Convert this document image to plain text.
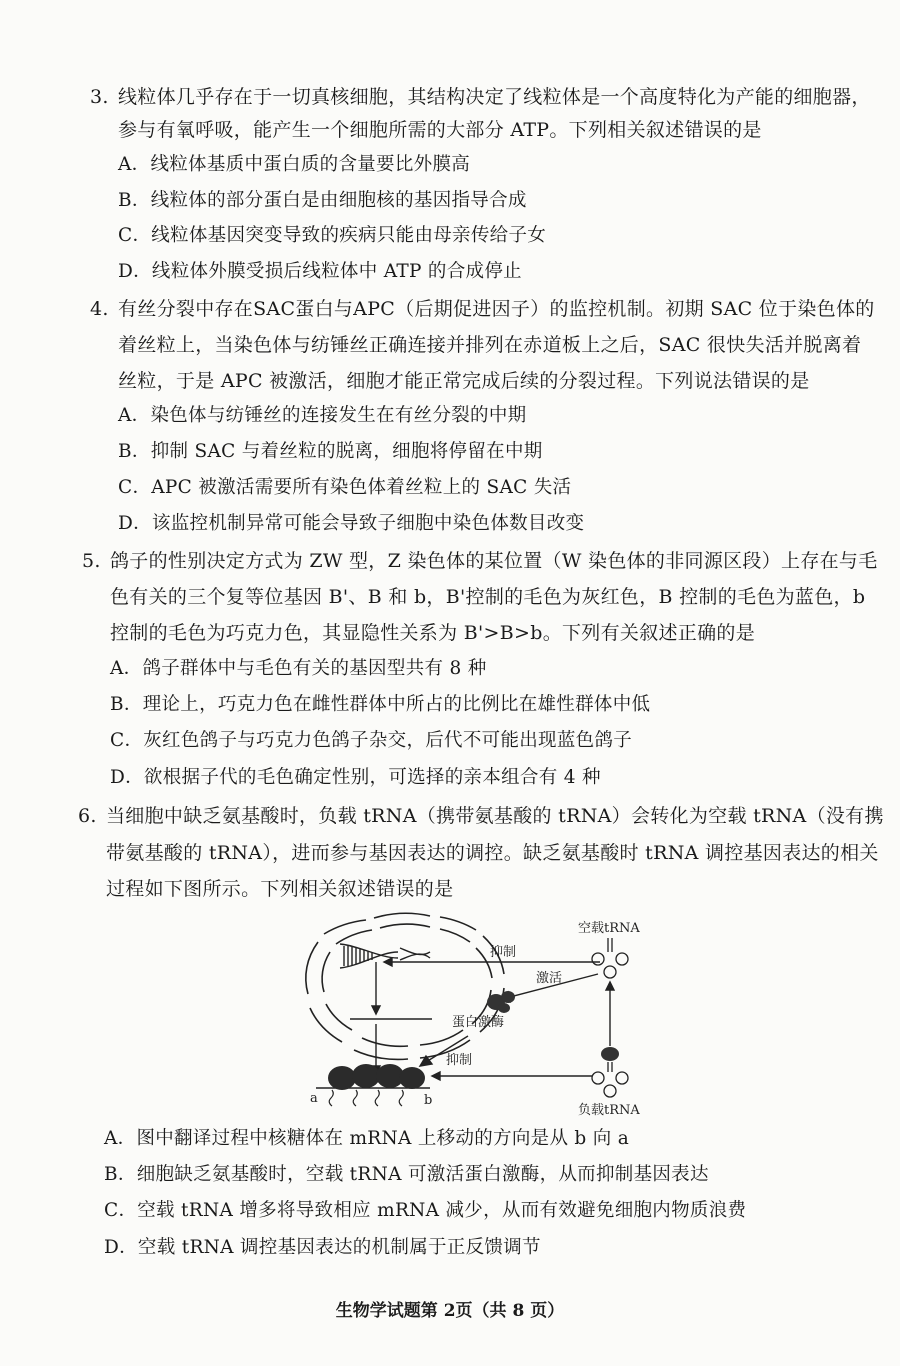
3. 线粒体几乎存在于一切真核细胞，其结构决定了线粒体是一个高度特化为产能的细胞器，
参与有氧呼吸，能产生一个细胞所需的大部分 ATP。下列相关叙述错误的是
A．线粒体基质中蛋白质的含量要比外膜高
B．线粒体的部分蛋白是由细胞核的基因指导合成
C．线粒体基因突变导致的疾病只能由母亲传给子女
D．线粒体外膜受损后线粒体中 ATP 的合成停止
4. 有丝分裂中存在SAC蛋白与APC（后期促进因子）的监控机制。初期 SAC 位于染色体的
着丝粒上，当染色体与纺锤丝正确连接并排列在赤道板上之后，SAC 很快失活并脱离着
丝粒，于是 APC 被激活，细胞才能正常完成后续的分裂过程。下列说法错误的是
A．染色体与纺锤丝的连接发生在有丝分裂的中期
B．抑制 SAC 与着丝粒的脱离，细胞将停留在中期
C．APC 被激活需要所有染色体着丝粒上的 SAC 失活
D．该监控机制异常可能会导致子细胞中染色体数目改变
5. 鸽子的性别决定方式为 ZW 型，Z 染色体的某位置（W 染色体的非同源区段）上存在与毛
色有关的三个复等位基因 B'、B 和 b，B'控制的毛色为灰红色，B 控制的毛色为蓝色，b
控制的毛色为巧克力色，其显隐性关系为 B'>B>b。下列有关叙述正确的是
A．鸽子群体中与毛色有关的基因型共有 8 种
B．理论上，巧克力色在雌性群体中所占的比例比在雄性群体中低
C．灰红色鸽子与巧克力色鸽子杂交，后代不可能出现蓝色鸽子
D．欲根据子代的毛色确定性别，可选择的亲本组合有 4 种
6. 当细胞中缺乏氨基酸时，负载 tRNA（携带氨基酸的 tRNA）会转化为空载 tRNA（没有携
带氨基酸的 tRNA），进而参与基因表达的调控。缺乏氨基酸时 tRNA 调控基因表达的相关
过程如下图所示。下列相关叙述错误的是
抑制
空载tRNA
激活
蛋白激酶
抑制
负载tRNA
a	b
A．图中翻译过程中核糖体在 mRNA 上移动的方向是从 b 向 a
B．细胞缺乏氨基酸时，空载 tRNA 可激活蛋白激酶，从而抑制基因表达
C．空载 tRNA 增多将导致相应 mRNA 减少，从而有效避免细胞内物质浪费
D．空载 tRNA 调控基因表达的机制属于正反馈调节
生物学试题第 2页（共 8 页）
